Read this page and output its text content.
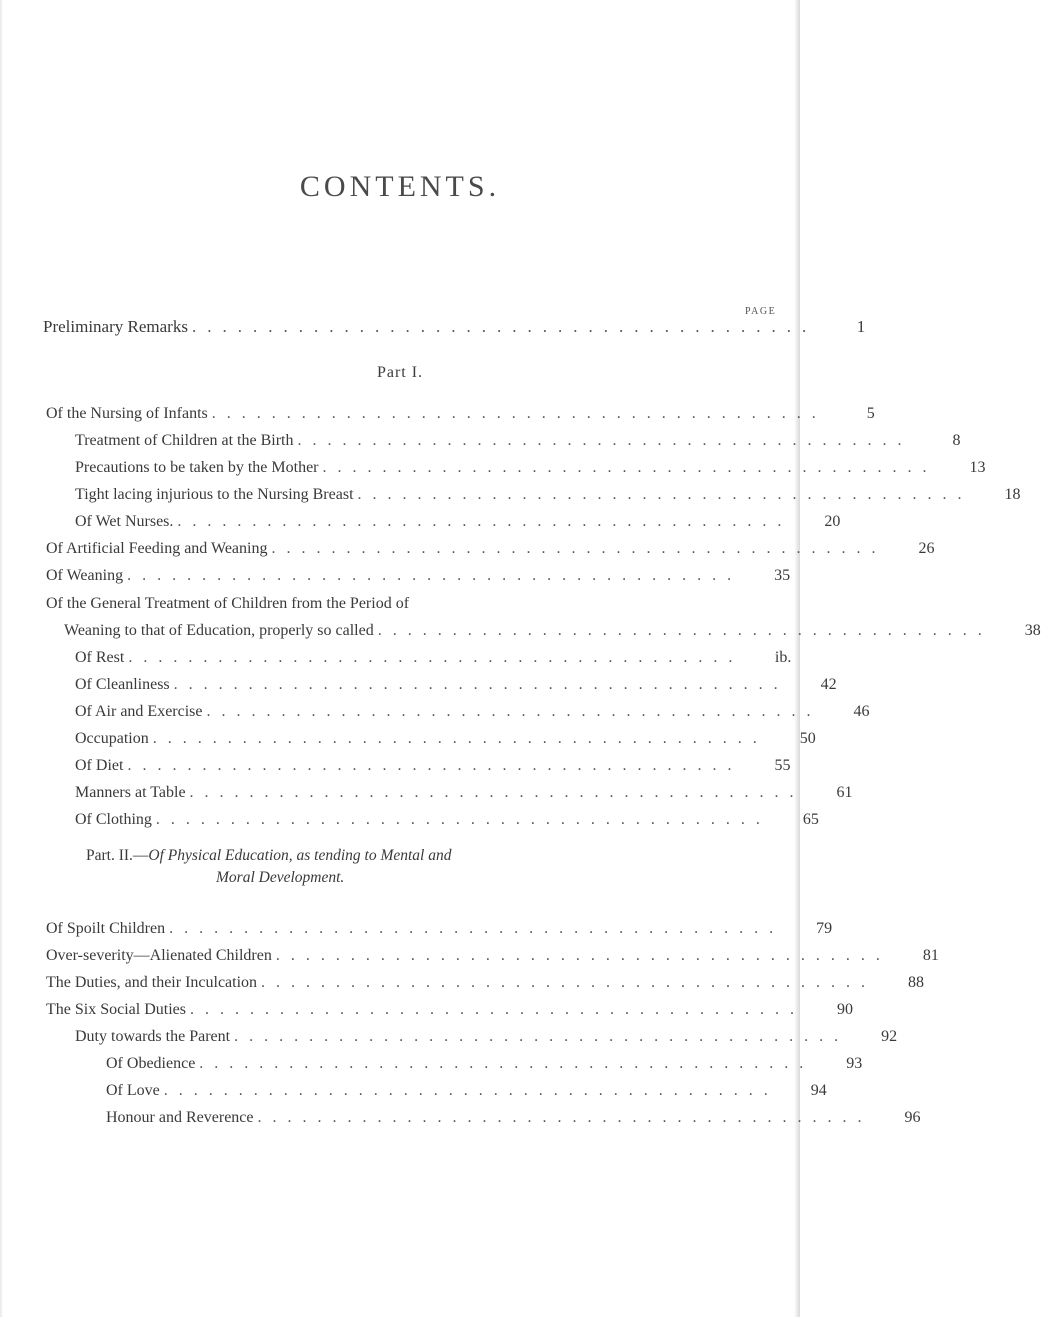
CONTENTS.
PAGE
Preliminary Remarks .........................................	1
Part I.
Of the Nursing of Infants .........................................	5
Treatment of Children at the Birth .........................................	8
Precautions to be taken by the Mother .........................................	13
Tight lacing injurious to the Nursing Breast .........................................	18
Of Wet Nurses. .........................................	20
Of Artificial Feeding and Weaning .........................................	26
Of Weaning .........................................	35
Of the General Treatment of Children from the Period of
Weaning to that of Education, properly so called .........................................	38
Of Rest .........................................	ib.
Of Cleanliness .........................................	42
Of Air and Exercise .........................................	46
Occupation .........................................	50
Of Diet .........................................	55
Manners at Table .........................................	61
Of Clothing .........................................	65
Part. II.—Of Physical Education, as tending to Mental and
Moral Development.
Of Spoilt Children .........................................	79
Over-severity—Alienated Children .........................................	81
The Duties, and their Inculcation .........................................	88
The Six Social Duties .........................................	90
Duty towards the Parent .........................................	92
Of Obedience .........................................	93
Of Love .........................................	94
Honour and Reverence .........................................	96
